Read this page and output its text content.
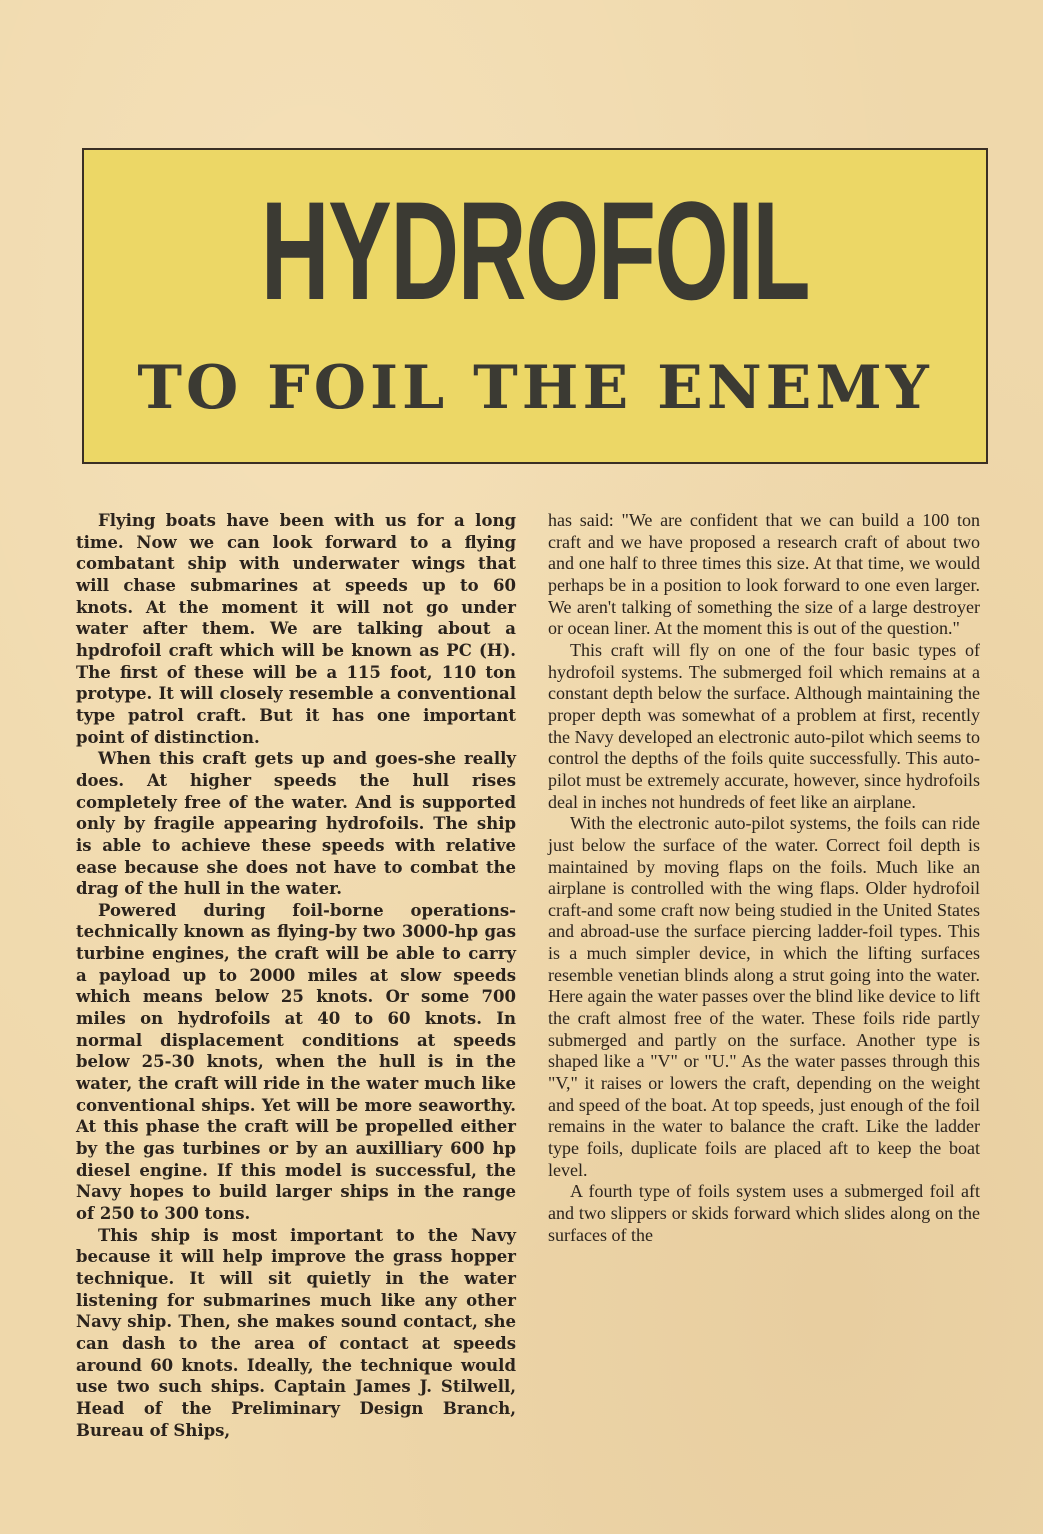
HYDROFOIL
TO FOIL THE ENEMY

Flying boats have been with us for a long time. Now we can look forward to a flying combatant ship with underwater wings that will chase submarines at speeds up to 60 knots. At the moment it will not go under water after them. We are talking about a hpdrofoil craft which will be known as PC (H). The first of these will be a 115 foot, 110 ton protype. It will closely resemble a conventional type patrol craft. But it has one important point of distinction.

When this craft gets up and goes-she really does. At higher speeds the hull rises completely free of the water. And is supported only by fragile appearing hydrofoils. The ship is able to achieve these speeds with relative ease because she does not have to combat the drag of the hull in the water.

Powered during foil-borne operations-technically known as flying-by two 3000-hp gas turbine engines, the craft will be able to carry a payload up to 2000 miles at slow speeds which means below 25 knots. Or some 700 miles on hydrofoils at 40 to 60 knots. In normal displacement conditions at speeds below 25-30 knots, when the hull is in the water, the craft will ride in the water much like conventional ships. Yet will be more seaworthy. At this phase the craft will be propelled either by the gas turbines or by an auxilliary 600 hp diesel engine. If this model is successful, the Navy hopes to build larger ships in the range of 250 to 300 tons.

This ship is most important to the Navy because it will help improve the grass hopper technique. It will sit quietly in the water listening for submarines much like any other Navy ship. Then, she makes sound contact, she can dash to the area of contact at speeds around 60 knots. Ideally, the technique would use two such ships. Captain James J. Stilwell, Head of the Preliminary Design Branch, Bureau of Ships,

has said: "We are confident that we can build a 100 ton craft and we have proposed a research craft of about two and one half to three times this size. At that time, we would perhaps be in a position to look forward to one even larger. We aren't talking of something the size of a large destroyer or ocean liner. At the moment this is out of the question."

This craft will fly on one of the four basic types of hydrofoil systems. The submerged foil which remains at a constant depth below the surface. Although maintaining the proper depth was somewhat of a problem at first, recently the Navy developed an electronic auto-pilot which seems to control the depths of the foils quite successfully. This auto-pilot must be extremely accurate, however, since hydrofoils deal in inches not hundreds of feet like an airplane.

With the electronic auto-pilot systems, the foils can ride just below the surface of the water. Correct foil depth is maintained by moving flaps on the foils. Much like an airplane is controlled with the wing flaps. Older hydrofoil craft-and some craft now being studied in the United States and abroad-use the surface piercing ladder-foil types. This is a much simpler device, in which the lifting surfaces resemble venetian blinds along a strut going into the water. Here again the water passes over the blind like device to lift the craft almost free of the water. These foils ride partly submerged and partly on the surface. Another type is shaped like a "V" or "U." As the water passes through this "V," it raises or lowers the craft, depending on the weight and speed of the boat. At top speeds, just enough of the foil remains in the water to balance the craft. Like the ladder type foils, duplicate foils are placed aft to keep the boat level.

A fourth type of foils system uses a submerged foil aft and two slippers or skids forward which slides along on the surfaces of the
